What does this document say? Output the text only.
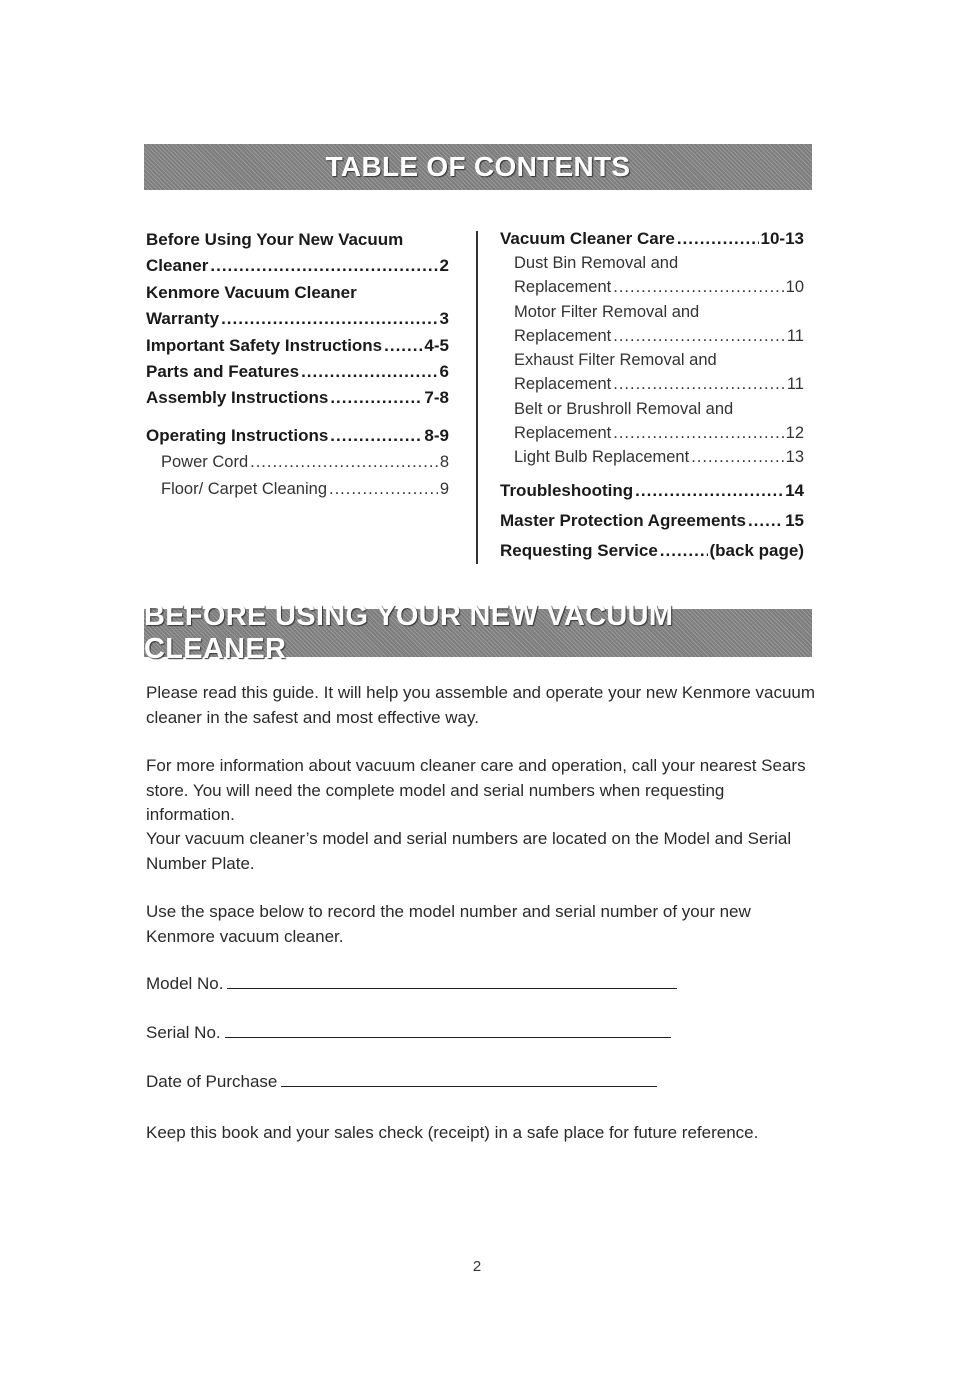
TABLE OF CONTENTS
Before Using Your New Vacuum
Cleaner .....	2
Kenmore Vacuum Cleaner
Warranty .....	3
Important Safety Instructions ..... 4-5
Parts and Features .....	6
Assembly Instructions .....	7-8
Operating Instructions .....	8-9
Power Cord .....	8
Floor/ Carpet Cleaning .....	9
Vacuum Cleaner Care .....	10-13
Dust Bin Removal and
Replacement .....	10
Motor Filter Removal and
Replacement .....	11
Exhaust Filter Removal and
Replacement .....	11
Belt or Brushroll Removal and
Replacement .....	12
Light Bulb Replacement .....	13
Troubleshooting .....	14
Master Protection Agreements ..... 15
Requesting Service .....	(back page)
BEFORE USING YOUR NEW VACUUM CLEANER

Please read this guide. It will help you assemble and operate your new Kenmore vacuum cleaner in the safest and most effective way.

For more information about vacuum cleaner care and operation, call your nearest Sears store. You will need the complete model and serial numbers when requesting information.

Your vacuum cleaner’s model and serial numbers are located on the Model and Serial Number Plate.

Use the space below to record the model number and serial number of your new Kenmore vacuum cleaner.

Model No.
Serial No.
Date of Purchase

Keep this book and your sales check (receipt) in a safe place for future reference.

2
